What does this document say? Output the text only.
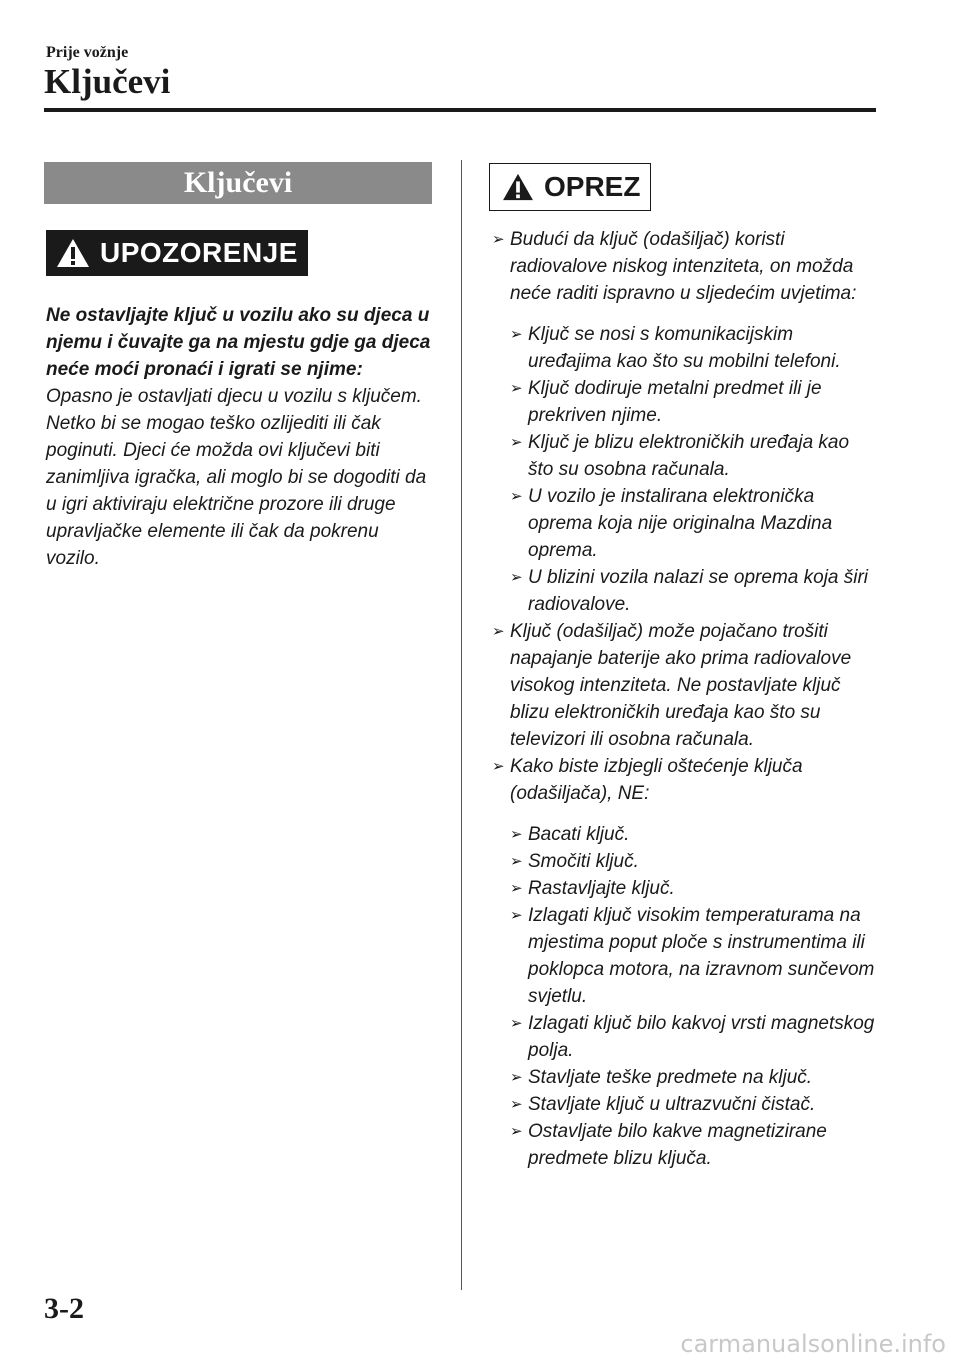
Prije vožnje
Ključevi
Ključevi
UPOZORENJE

Ne ostavljajte ključ u vozilu ako su djeca u njemu i čuvajte ga na mjestu gdje ga djeca neće moći pronaći i igrati se njime:

Opasno je ostavljati djecu u vozilu s ključem. Netko bi se mogao teško ozlijediti ili čak poginuti. Djeci će možda ovi ključevi biti zanimljiva igračka, ali moglo bi se dogoditi da u igri aktiviraju električne prozore ili druge upravljačke elemente ili čak da pokrenu vozilo.

OPREZ
➢ Budući da ključ (odašiljač) koristi radiovalove niskog intenziteta, on možda neće raditi ispravno u sljedećim uvjetima:
➢ Ključ se nosi s komunikacijskim uređajima kao što su mobilni telefoni.
➢ Ključ dodiruje metalni predmet ili je prekriven njime.
➢ Ključ je blizu elektroničkih uređaja kao što su osobna računala.
➢ U vozilo je instalirana elektronička oprema koja nije originalna Mazdina oprema.
➢ U blizini vozila nalazi se oprema koja širi radiovalove.
➢ Ključ (odašiljač) može pojačano trošiti napajanje baterije ako prima radiovalove visokog intenziteta. Ne postavljate ključ blizu elektroničkih uređaja kao što su televizori ili osobna računala.
➢ Kako biste izbjegli oštećenje ključa (odašiljača), NE:
➢ Bacati ključ.
➢ Smočiti ključ.
➢ Rastavljajte ključ.
➢ Izlagati ključ visokim temperaturama na mjestima poput ploče s instrumentima ili poklopca motora, na izravnom sunčevom svjetlu.
➢ Izlagati ključ bilo kakvoj vrsti magnetskog polja.
➢ Stavljate teške predmete na ključ.
➢ Stavljate ključ u ultrazvučni čistač.
➢ Ostavljate bilo kakve magnetizirane predmete blizu ključa.
3-2
carmanualsonline.info
